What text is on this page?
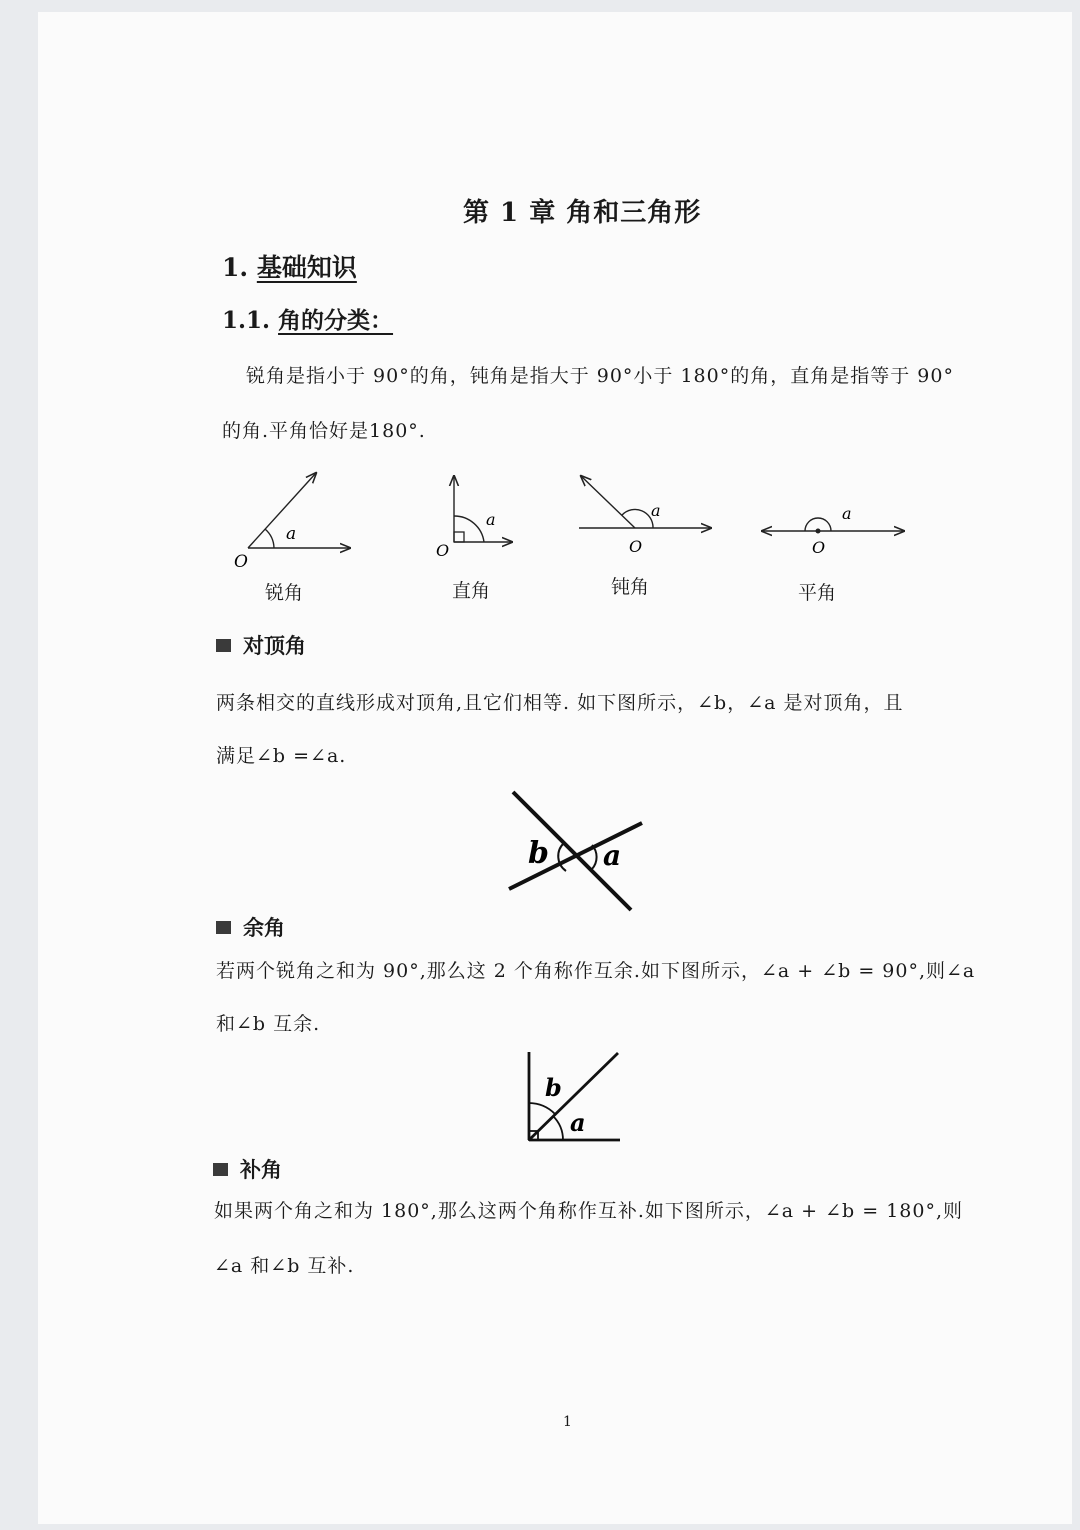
第 1 章 角和三角形
1. 基础知识
1.1. 角的分类：
锐角是指小于 90°的角，钝角是指大于 90°小于 180°的角，直角是指等于 90°
的角.平角恰好是180°.
a
O
锐角
a
O
直角
a
O
钝角
a
O
平角
对顶角
两条相交的直线形成对顶角,且它们相等. 如下图所示，∠b，∠a 是对顶角，且
满足∠b =∠a.
b a
余角
若两个锐角之和为 90°,那么这 2 个角称作互余.如下图所示，∠a + ∠b = 90°,则∠a
和∠b 互余.
b
a
补角
如果两个角之和为 180°,那么这两个角称作互补.如下图所示，∠a + ∠b = 180°,则
∠a 和∠b 互补.
1
